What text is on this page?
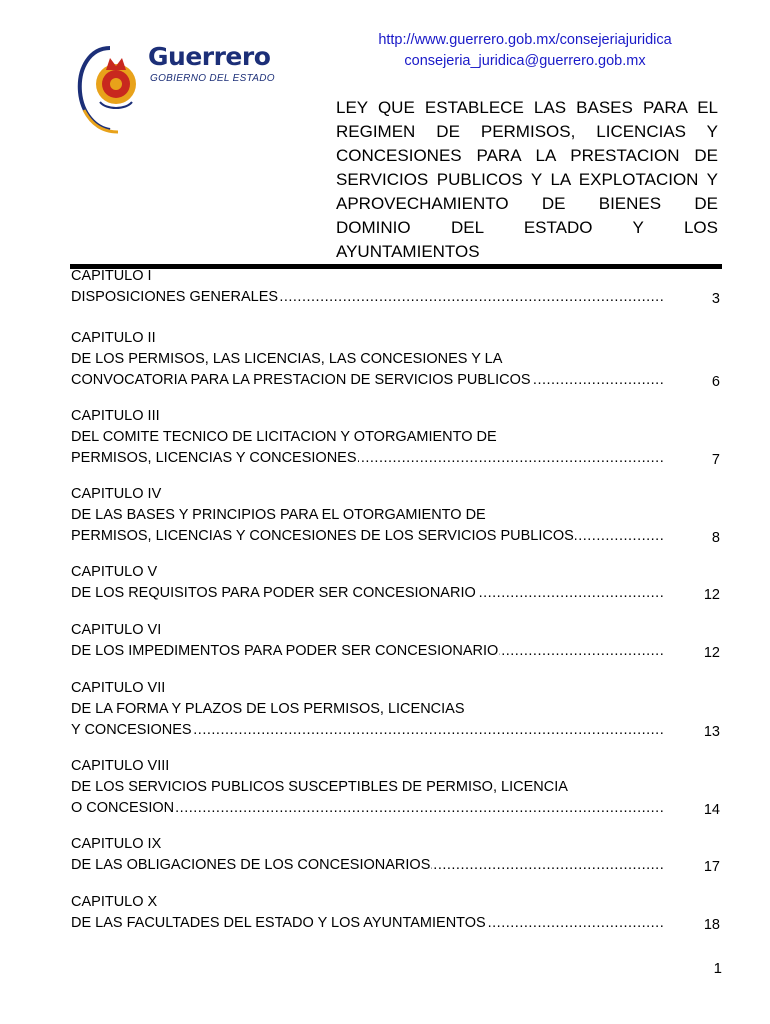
http://www.guerrero.gob.mx/consejeriajuridica
consejeria_juridica@guerrero.gob.mx
Guerrero
GOBIERNO DEL ESTADO
LEY QUE ESTABLECE LAS BASES PARA EL
REGIMEN DE PERMISOS, LICENCIAS Y
CONCESIONES PARA LA PRESTACION DE
SERVICIOS PUBLICOS Y LA EXPLOTACION Y
APROVECHAMIENTO DE BIENES DE
DOMINIO DEL ESTADO Y LOS
AYUNTAMIENTOS
CAPITULO I
DISPOSICIONES GENERALES .....	3
CAPITULO II
DE LOS PERMISOS, LAS LICENCIAS, LAS CONCESIONES Y LA
CONVOCATORIA PARA LA PRESTACION DE SERVICIOS PUBLICOS .....	6
CAPITULO III
DEL COMITE TECNICO DE LICITACION Y OTORGAMIENTO DE
PERMISOS, LICENCIAS Y CONCESIONES .....	7
CAPITULO IV
DE LAS BASES Y PRINCIPIOS PARA EL OTORGAMIENTO DE
PERMISOS, LICENCIAS Y CONCESIONES DE LOS SERVICIOS PUBLICOS .....	8
CAPITULO V
DE LOS REQUISITOS PARA PODER SER CONCESIONARIO .....	12
CAPITULO VI
DE LOS IMPEDIMENTOS PARA PODER SER CONCESIONARIO .....	12
CAPITULO VII
DE LA FORMA Y PLAZOS DE LOS PERMISOS, LICENCIAS
Y CONCESIONES .....	13
CAPITULO VIII
DE LOS SERVICIOS PUBLICOS SUSCEPTIBLES DE PERMISO, LICENCIA
O CONCESION .....	14
CAPITULO IX
DE LAS OBLIGACIONES DE LOS CONCESIONARIOS .....	17
CAPITULO X
DE LAS FACULTADES DEL ESTADO Y LOS AYUNTAMIENTOS .....	18
1
